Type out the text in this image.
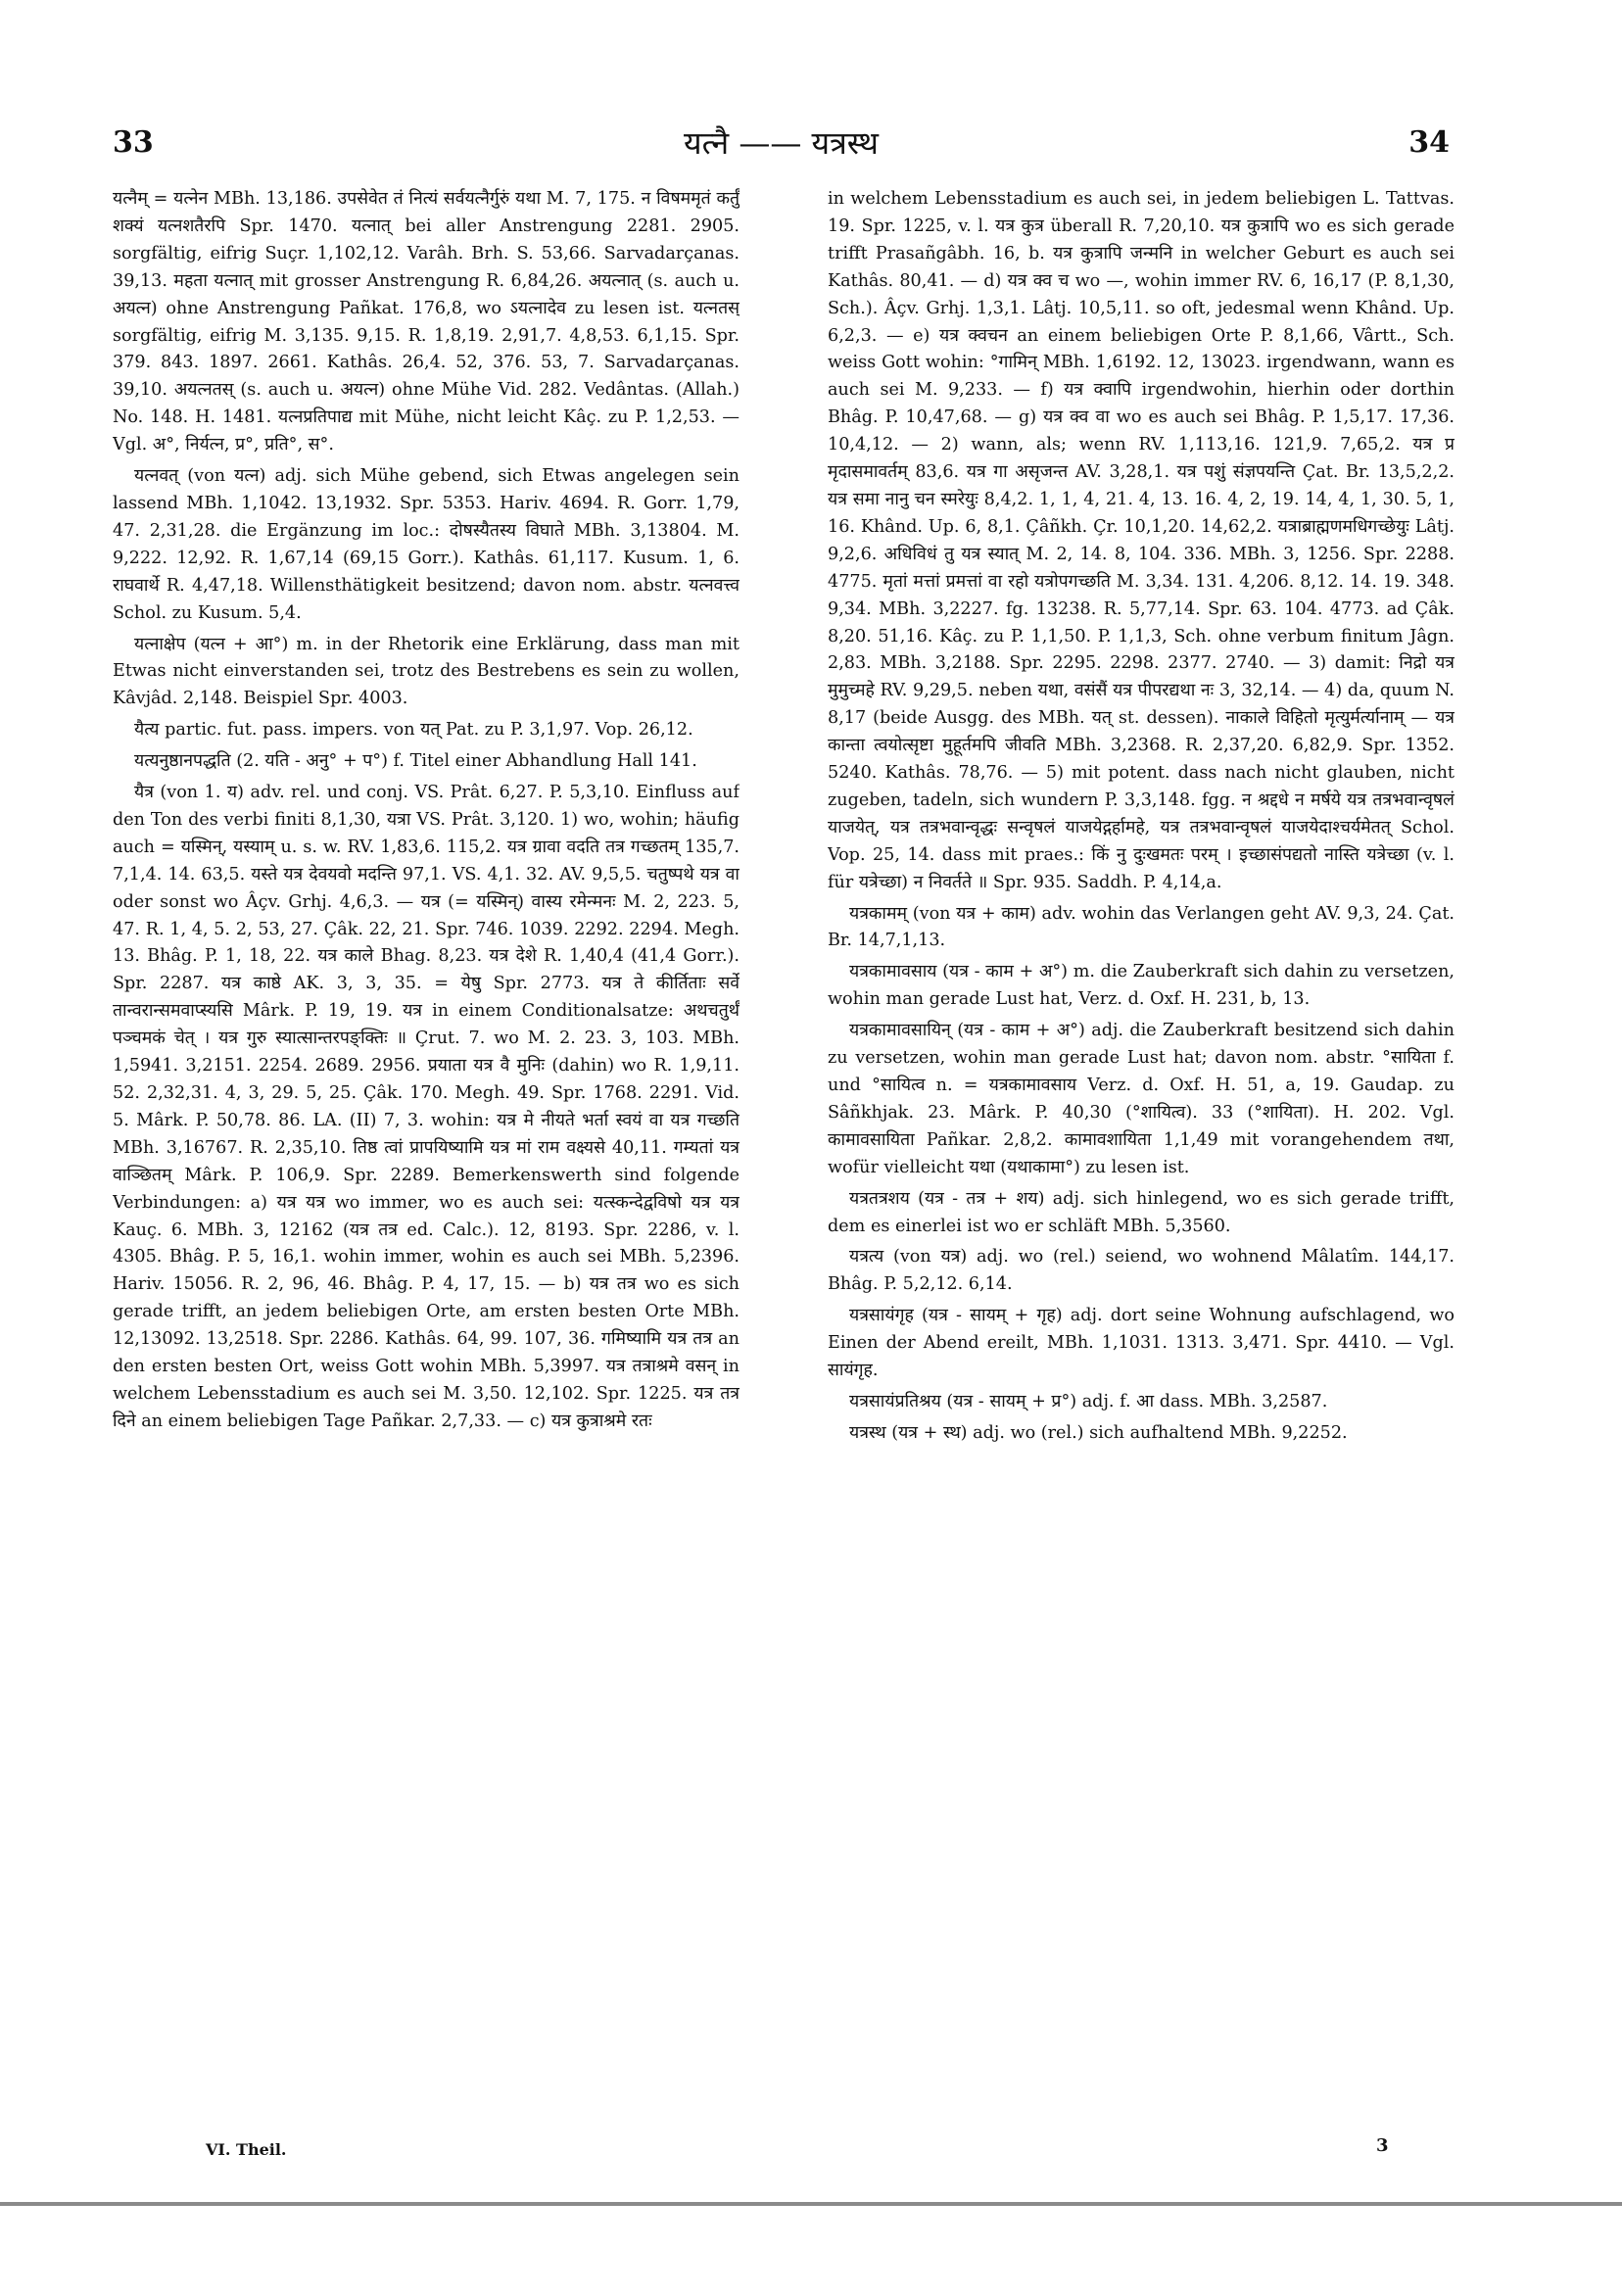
33	यत्नै —— यत्रस्थ	34

यत्नैम् = यत्नेन MBh. 13,186. उपसेवेत तं नित्यं सर्वयत्नैर्गुरुं यथा M. 7, 175. न विषममृतं कर्तुं शक्यं यत्नशतैरपि Spr. 1470. यत्नात् bei aller Anstrengung 2281. 2905. sorgfältig, eifrig Suçr. 1,102,12. Varâh. Brh. S. 53,66. Sarvadarçanas. 39,13. महता यत्नात् mit grosser Anstrengung R. 6,84,26. अयत्नात् (s. auch u. अयत्न) ohne Anstrengung Pañkat. 176,8, wo ऽयत्नादेव zu lesen ist. यत्नतस् sorgfältig, eifrig M. 3,135. 9,15. R. 1,8,19. 2,91,7. 4,8,53. 6,1,15. Spr. 379. 843. 1897. 2661. Kathâs. 26,4. 52, 376. 53, 7. Sarvadarçanas. 39,10. अयत्नतस् (s. auch u. अयत्न) ohne Mühe Vid. 282. Vedântas. (Allah.) No. 148. H. 1481. यत्नप्रतिपाद्य mit Mühe, nicht leicht Kâç. zu P. 1,2,53. — Vgl. अ°, निर्यत्न, प्र°, प्रति°, स°.

यत्नवत् (von यत्न) adj. sich Mühe gebend, sich Etwas angelegen sein lassend MBh. 1,1042. 13,1932. Spr. 5353. Hariv. 4694. R. Gorr. 1,79, 47. 2,31,28. die Ergänzung im loc.: दोषस्यैतस्य विघाते MBh. 3,13804. M. 9,222. 12,92. R. 1,67,14 (69,15 Gorr.). Kathâs. 61,117. Kusum. 1, 6. राघवार्थे R. 4,47,18. Willensthätigkeit besitzend; davon nom. abstr. यत्नवत्त्व Schol. zu Kusum. 5,4.

यत्नाक्षेप (यत्न + आ°) m. in der Rhetorik eine Erklärung, dass man mit Etwas nicht einverstanden sei, trotz des Bestrebens es sein zu wollen, Kâvjâd. 2,148. Beispiel Spr. 4003.

यैत्य partic. fut. pass. impers. von यत् Pat. zu P. 3,1,97. Vop. 26,12.

यत्यनुष्ठानपद्धति (2. यति - अनु° + प°) f. Titel einer Abhandlung Hall 141.

यैत्र (von 1. य) adv. rel. und conj. VS. Prât. 6,27. P. 5,3,10. Einfluss auf den Ton des verbi finiti 8,1,30, यत्रा VS. Prât. 3,120. 1) wo, wohin; häufig auch = यस्मिन्, यस्याम् u. s. w. RV. 1,83,6. 115,2. यत्र ग्रावा वदति तत्र गच्छतम् 135,7. 7,1,4. 14. 63,5. यस्ते यत्र देवयवो मदन्ति 97,1. VS. 4,1. 32. AV. 9,5,5. चतुष्पथे यत्र वा oder sonst wo Âçv. Grhj. 4,6,3. — यत्र (= यस्मिन्) वास्य रमेन्मनः M. 2, 223. 5, 47. R. 1, 4, 5. 2, 53, 27. Çâk. 22, 21. Spr. 746. 1039. 2292. 2294. Megh. 13. Bhâg. P. 1, 18, 22. यत्र काले Bhag. 8,23. यत्र देशे R. 1,40,4 (41,4 Gorr.). Spr. 2287. यत्र काष्ठे AK. 3, 3, 35. = येषु Spr. 2773. यत्र ते कीर्तिताः सर्वे तान्वरान्समवाप्स्यसि Mârk. P. 19, 19. यत्र in einem Conditionalsatze: अथचतुर्थं पञ्चमकं चेत् । यत्र गुरु स्यात्सान्तरपङ्क्तिः ॥ Çrut. 7. wo M. 2. 23. 3, 103. MBh. 1,5941. 3,2151. 2254. 2689. 2956. प्रयाता यत्र वै मुनिः (dahin) wo R. 1,9,11. 52. 2,32,31. 4, 3, 29. 5, 25. Çâk. 170. Megh. 49. Spr. 1768. 2291. Vid. 5. Mârk. P. 50,78. 86. LA. (II) 7, 3. wohin: यत्र मे नीयते भर्ता स्वयं वा यत्र गच्छति MBh. 3,16767. R. 2,35,10. तिष्ठ त्वां प्रापयिष्यामि यत्र मां राम वक्ष्यसे 40,11. गम्यतां यत्र वाञ्छितम् Mârk. P. 106,9. Spr. 2289. Bemerkenswerth sind folgende Verbindungen: a) यत्र यत्र wo immer, wo es auch sei: यत्स्कन्देद्वविषो यत्र यत्र Kauç. 6. MBh. 3, 12162 (यत्र तत्र ed. Calc.). 12, 8193. Spr. 2286, v. l. 4305. Bhâg. P. 5, 16,1. wohin immer, wohin es auch sei MBh. 5,2396. Hariv. 15056. R. 2, 96, 46. Bhâg. P. 4, 17, 15. — b) यत्र तत्र wo es sich gerade trifft, an jedem beliebigen Orte, am ersten besten Orte MBh. 12,13092. 13,2518. Spr. 2286. Kathâs. 64, 99. 107, 36. गमिष्यामि यत्र तत्र an den ersten besten Ort, weiss Gott wohin MBh. 5,3997. यत्र तत्राश्रमे वसन् in welchem Lebensstadium es auch sei M. 3,50. 12,102. Spr. 1225. यत्र तत्र दिने an einem beliebigen Tage Pañkar. 2,7,33. — c) यत्र कुत्राश्रमे रतः

in welchem Lebensstadium es auch sei, in jedem beliebigen L. Tattvas. 19. Spr. 1225, v. l. यत्र कुत्र überall R. 7,20,10. यत्र कुत्रापि wo es sich gerade trifft Prasañgâbh. 16, b. यत्र कुत्रापि जन्मनि in welcher Geburt es auch sei Kathâs. 80,41. — d) यत्र क्व च wo —, wohin immer RV. 6, 16,17 (P. 8,1,30, Sch.). Âçv. Grhj. 1,3,1. Lâtj. 10,5,11. so oft, jedesmal wenn Khând. Up. 6,2,3. — e) यत्र क्वचन an einem beliebigen Orte P. 8,1,66, Vârtt., Sch. weiss Gott wohin: °गामिन् MBh. 1,6192. 12, 13023. irgendwann, wann es auch sei M. 9,233. — f) यत्र क्वापि irgendwohin, hierhin oder dorthin Bhâg. P. 10,47,68. — g) यत्र क्व वा wo es auch sei Bhâg. P. 1,5,17. 17,36. 10,4,12. — 2) wann, als; wenn RV. 1,113,16. 121,9. 7,65,2. यत्र प्र मृदासमावर्तम् 83,6. यत्र गा असृजन्त AV. 3,28,1. यत्र पशुं संज्ञपयन्ति Çat. Br. 13,5,2,2. यत्र समा नानु चन स्मरेयुः 8,4,2. 1, 1, 4, 21. 4, 13. 16. 4, 2, 19. 14, 4, 1, 30. 5, 1, 16. Khând. Up. 6, 8,1. Çâñkh. Çr. 10,1,20. 14,62,2. यत्राब्राह्मणमधिगच्छेयुः Lâtj. 9,2,6. अधिविधं तु यत्र स्यात् M. 2, 14. 8, 104. 336. MBh. 3, 1256. Spr. 2288. 4775. मृतां मत्तां प्रमत्तां वा रहो यत्रोपगच्छति M. 3,34. 131. 4,206. 8,12. 14. 19. 348. 9,34. MBh. 3,2227. fg. 13238. R. 5,77,14. Spr. 63. 104. 4773. ad Çâk. 8,20. 51,16. Kâç. zu P. 1,1,50. P. 1,1,3, Sch. ohne verbum finitum Jâgn. 2,83. MBh. 3,2188. Spr. 2295. 2298. 2377. 2740. — 3) damit: निद्रो यत्र मुमुच्महे RV. 9,29,5. neben यथा, वसंसैं यत्र पीपरद्यथा नः 3, 32,14. — 4) da, quum N. 8,17 (beide Ausgg. des MBh. यत् st. dessen). नाकाले विहितो मृत्युर्मर्त्यानाम् — यत्र कान्ता त्वयोत्सृष्टा मुहूर्तमपि जीवति MBh. 3,2368. R. 2,37,20. 6,82,9. Spr. 1352. 5240. Kathâs. 78,76. — 5) mit potent. dass nach nicht glauben, nicht zugeben, tadeln, sich wundern P. 3,3,148. fgg. न श्रद्दधे न मर्षये यत्र तत्रभवान्वृषलं याजयेत्, यत्र तत्रभवान्वृद्धः सन्वृषलं याजयेद्गर्हामहे, यत्र तत्रभवान्वृषलं याजयेदाश्चर्यमेतत् Schol. Vop. 25, 14. dass mit praes.: किं नु दुःखमतः परम् । इच्छासंपद्यतो नास्ति यत्रेच्छा (v. l. für यत्रेच्छा) न निवर्तते ॥ Spr. 935. Saddh. P. 4,14,a.

यत्रकामम् (von यत्र + काम) adv. wohin das Verlangen geht AV. 9,3, 24. Çat. Br. 14,7,1,13.

यत्रकामावसाय (यत्र - काम + अ°) m. die Zauberkraft sich dahin zu versetzen, wohin man gerade Lust hat, Verz. d. Oxf. H. 231, b, 13.

यत्रकामावसायिन् (यत्र - काम + अ°) adj. die Zauberkraft besitzend sich dahin zu versetzen, wohin man gerade Lust hat; davon nom. abstr. °सायिता f. und °सायित्व n. = यत्रकामावसाय Verz. d. Oxf. H. 51, a, 19. Gaudap. zu Sâñkhjak. 23. Mârk. P. 40,30 (°शायित्व). 33 (°शायिता). H. 202. Vgl. कामावसायिता Pañkar. 2,8,2. कामावशायिता 1,1,49 mit vorangehendem तथा, wofür vielleicht यथा (यथाकामा°) zu lesen ist.

यत्रतत्रशय (यत्र - तत्र + शय) adj. sich hinlegend, wo es sich gerade trifft, dem es einerlei ist wo er schläft MBh. 5,3560.

यत्रत्य (von यत्र) adj. wo (rel.) seiend, wo wohnend Mâlatîm. 144,17. Bhâg. P. 5,2,12. 6,14.

यत्रसायंगृह (यत्र - सायम् + गृह) adj. dort seine Wohnung aufschlagend, wo Einen der Abend ereilt, MBh. 1,1031. 1313. 3,471. Spr. 4410. — Vgl. सायंगृह.

यत्रसायंप्रतिश्रय (यत्र - सायम् + प्र°) adj. f. आ dass. MBh. 3,2587.

यत्रस्थ (यत्र + स्थ) adj. wo (rel.) sich aufhaltend MBh. 9,2252.

VI. Theil.	3
